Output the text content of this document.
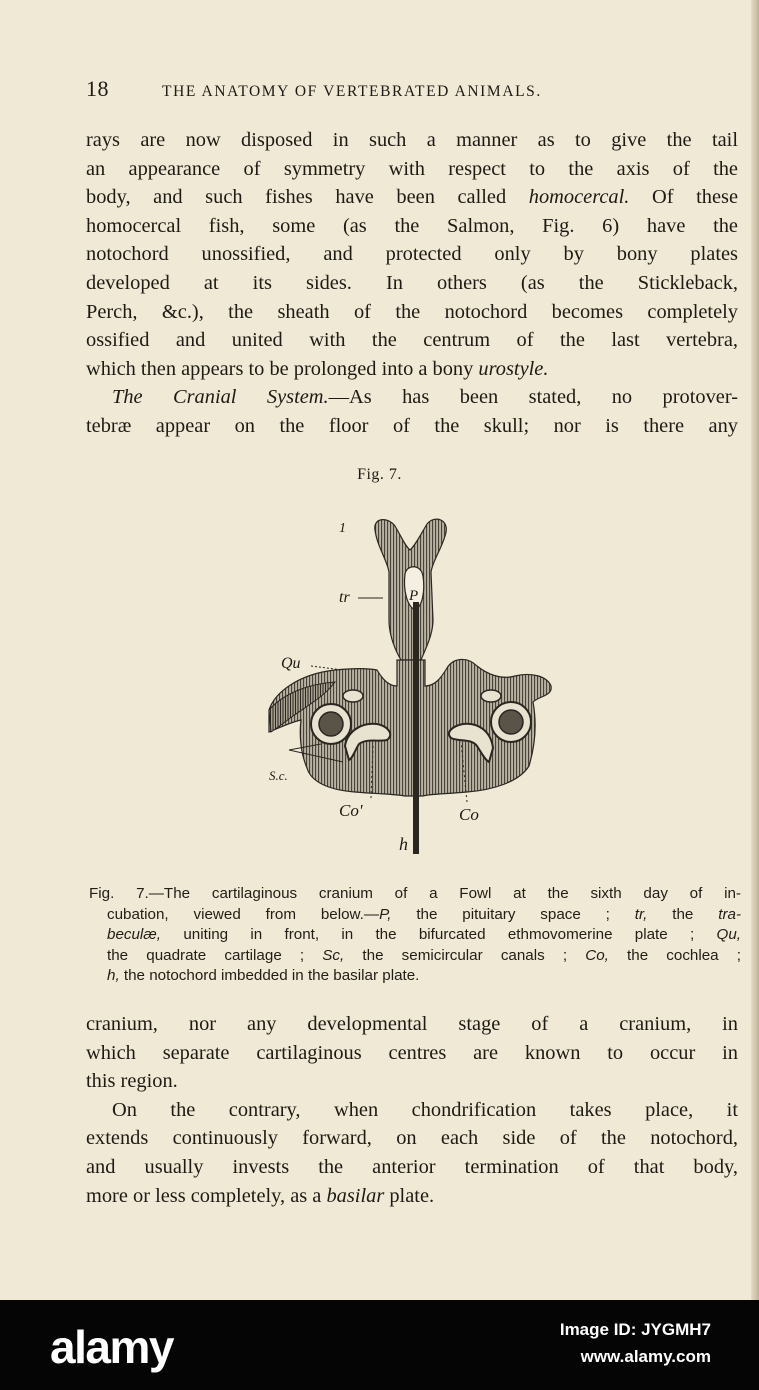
18	THE ANATOMY OF VERTEBRATED ANIMALS.
rays are now disposed in such a manner as to give the tail
an appearance of symmetry with respect to the axis of the
body, and such fishes have been called homocercal. Of these
homocercal fish, some (as the Salmon, Fig. 6) have the
notochord unossified, and protected only by bony plates
developed at its sides. In others (as the Stickleback,
Perch, &c.), the sheath of the notochord becomes completely
ossified and united with the centrum of the last vertebra,
which then appears to be prolonged into a bony urostyle.
The Cranial System.—As has been stated, no protover-
tebræ appear on the floor of the skull; nor is there any
Fig. 7.
1
tr	P
Qu
S.c.
Co'	Co
h
Fig. 7.—The cartilaginous cranium of a Fowl at the sixth day of in-
cubation, viewed from below.—P, the pituitary space ; tr, the tra-
beculæ, uniting in front, in the bifurcated ethmovomerine plate ; Qu,
the quadrate cartilage ; Sc, the semicircular canals ; Co, the cochlea ;
h, the notochord imbedded in the basilar plate.
cranium, nor any developmental stage of a cranium, in
which separate cartilaginous centres are known to occur in
this region.
On the contrary, when chondrification takes place, it
extends continuously forward, on each side of the notochord,
and usually invests the anterior termination of that body,
more or less completely, as a basilar plate.
alamy	Image ID: JYGMH7
www.alamy.com
